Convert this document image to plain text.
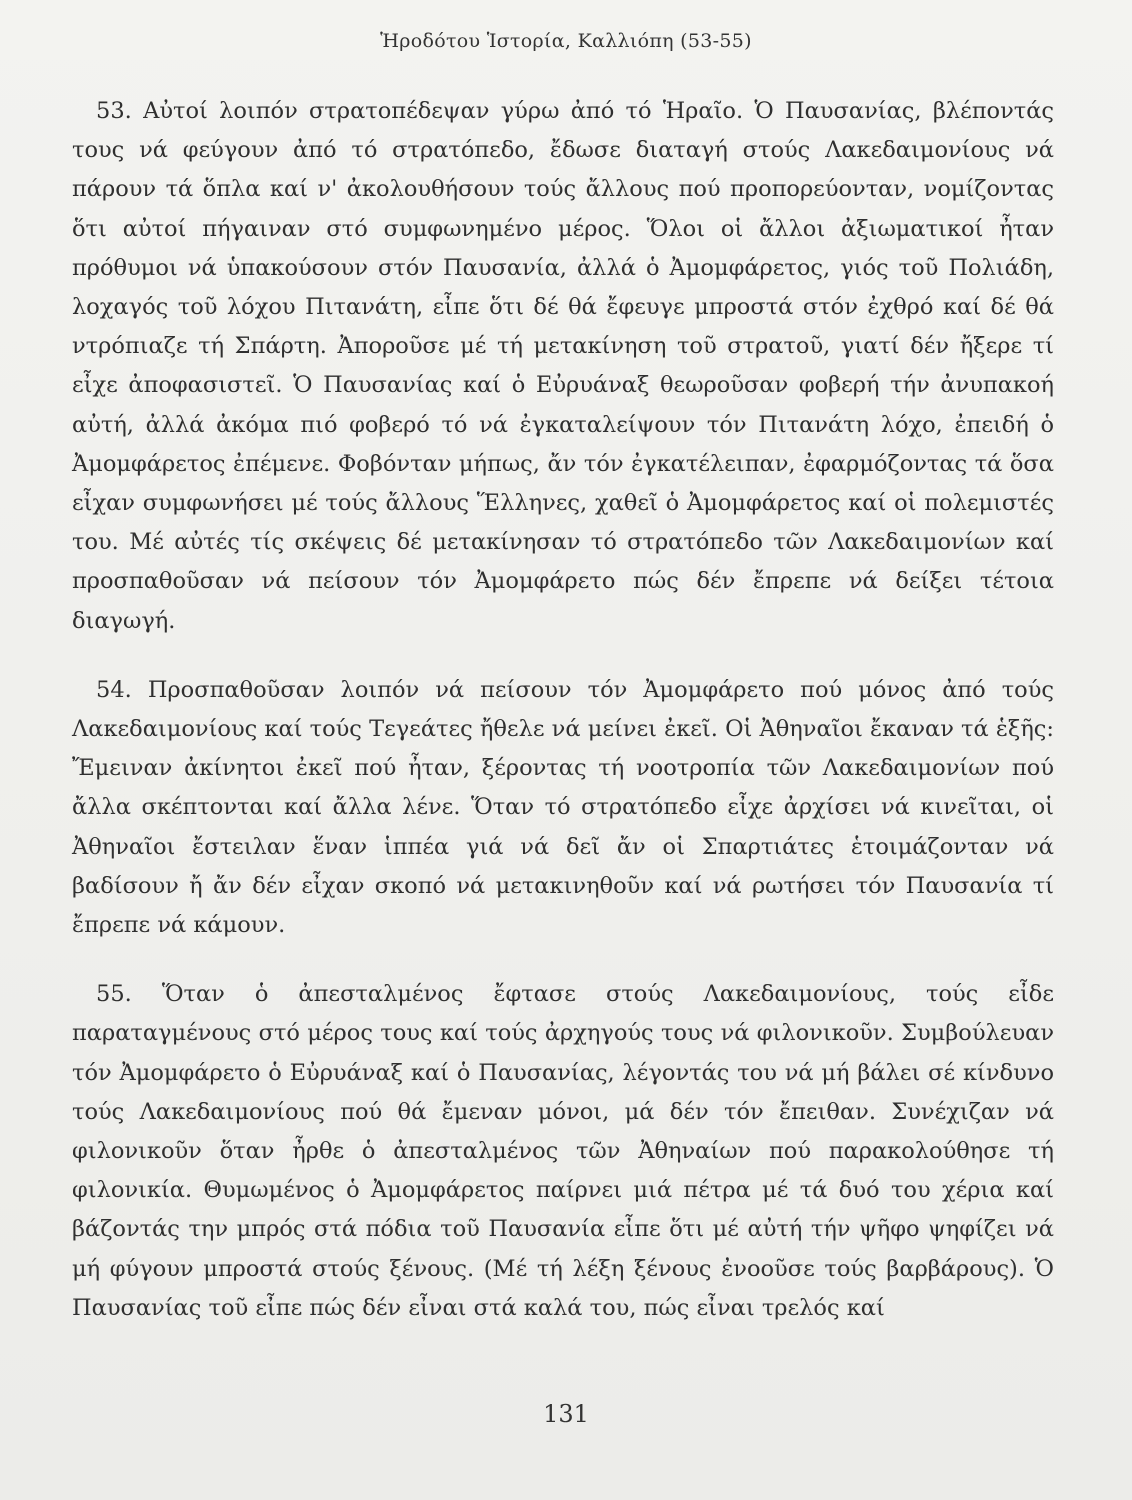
Ἡροδότου Ἱστορία, Καλλιόπη (53-55)

53. Αὐτοί λοιπόν στρατοπέδεψαν γύρω ἀπό τό Ἡραῖο. Ὁ Παυσανίας, βλέποντάς τους νά φεύγουν ἀπό τό στρατόπεδο, ἔδωσε διαταγή στούς Λακεδαιμονίους νά πάρουν τά ὅπλα καί ν' ἀκολουθήσουν τούς ἄλλους πού προπορεύονταν, νομίζοντας ὅτι αὐτοί πήγαιναν στό συμφωνημένο μέρος. Ὅλοι οἱ ἄλλοι ἀξιωματικοί ἦταν πρόθυμοι νά ὑπακούσουν στόν Παυσανία, ἀλλά ὁ Ἀμομφάρετος, γιός τοῦ Πολιάδη, λοχαγός τοῦ λόχου Πιτανάτη, εἶπε ὅτι δέ θά ἔφευγε μπροστά στόν ἐχθρό καί δέ θά ντρόπιαζε τή Σπάρτη. Ἀποροῦσε μέ τή μετακίνηση τοῦ στρατοῦ, γιατί δέν ἤξερε τί εἶχε ἀποφασιστεῖ. Ὁ Παυσανίας καί ὁ Εὐρυάναξ θεωροῦσαν φοβερή τήν ἀνυπακοή αὐτή, ἀλλά ἀκόμα πιό φοβερό τό νά ἐγκαταλείψουν τόν Πιτανάτη λόχο, ἐπειδή ὁ Ἀμομφάρετος ἐπέμενε. Φοβόνταν μήπως, ἄν τόν ἐγκατέλειπαν, ἐφαρμόζοντας τά ὅσα εἶχαν συμφωνήσει μέ τούς ἄλλους Ἕλληνες, χαθεῖ ὁ Ἀμομφάρετος καί οἱ πολεμιστές του. Μέ αὐτές τίς σκέψεις δέ μετακίνησαν τό στρατόπεδο τῶν Λακεδαιμονίων καί προσπαθοῦσαν νά πείσουν τόν Ἀμομφάρετο πώς δέν ἔπρεπε νά δείξει τέτοια διαγωγή.

54. Προσπαθοῦσαν λοιπόν νά πείσουν τόν Ἀμομφάρετο πού μόνος ἀπό τούς Λακεδαιμονίους καί τούς Τεγεάτες ἤθελε νά μείνει ἐκεῖ. Οἱ Ἀθηναῖοι ἔκαναν τά ἑξῆς: Ἔμειναν ἀκίνητοι ἐκεῖ πού ἦταν, ξέροντας τή νοοτροπία τῶν Λακεδαιμονίων πού ἄλλα σκέπτονται καί ἄλλα λένε. Ὅταν τό στρατόπεδο εἶχε ἀρχίσει νά κινεῖται, οἱ Ἀθηναῖοι ἔστειλαν ἕναν ἱππέα γιά νά δεῖ ἄν οἱ Σπαρτιάτες ἑτοιμάζονταν νά βαδίσουν ἤ ἄν δέν εἶχαν σκοπό νά μετακινηθοῦν καί νά ρωτήσει τόν Παυσανία τί ἔπρεπε νά κάμουν.

55. Ὅταν ὁ ἀπεσταλμένος ἔφτασε στούς Λακεδαιμονίους, τούς εἶδε παραταγμένους στό μέρος τους καί τούς ἀρχηγούς τους νά φιλονικοῦν. Συμβούλευαν τόν Ἀμομφάρετο ὁ Εὐρυάναξ καί ὁ Παυσανίας, λέγοντάς του νά μή βάλει σέ κίνδυνο τούς Λακεδαιμονίους πού θά ἔμεναν μόνοι, μά δέν τόν ἔπειθαν. Συνέχιζαν νά φιλονικοῦν ὅταν ἦρθε ὁ ἀπεσταλμένος τῶν Ἀθηναίων πού παρακολούθησε τή φιλονικία. Θυμωμένος ὁ Ἀμομφάρετος παίρνει μιά πέτρα μέ τά δυό του χέρια καί βάζοντάς την μπρός στά πόδια τοῦ Παυσανία εἶπε ὅτι μέ αὐτή τήν ψῆφο ψηφίζει νά μή φύγουν μπροστά στούς ξένους. (Μέ τή λέξη ξένους ἐνοοῦσε τούς βαρβάρους). Ὁ Παυσανίας τοῦ εἶπε πώς δέν εἶναι στά καλά του, πώς εἶναι τρελός καί

131
